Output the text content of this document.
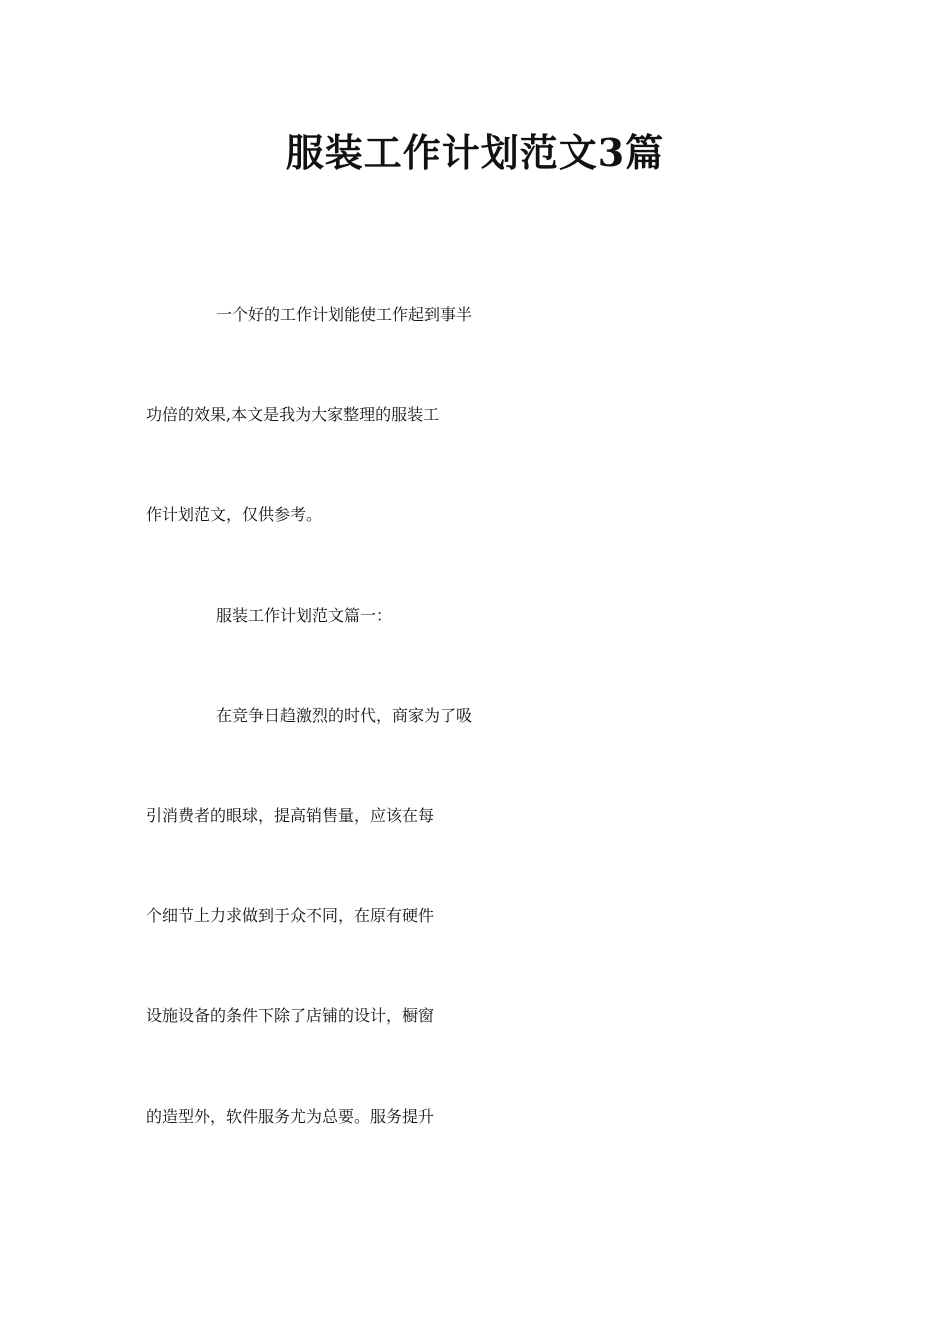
服装工作计划范文3篇
一个好的工作计划能使工作起到事半
功倍的效果,本文是我为大家整理的服装工
作计划范文，仅供参考。
服装工作计划范文篇一：
在竞争日趋激烈的时代，商家为了吸
引消费者的眼球，提高销售量，应该在每
个细节上力求做到于众不同，在原有硬件
设施设备的条件下除了店铺的设计，橱窗
的造型外，软件服务尤为总要。服务提升
